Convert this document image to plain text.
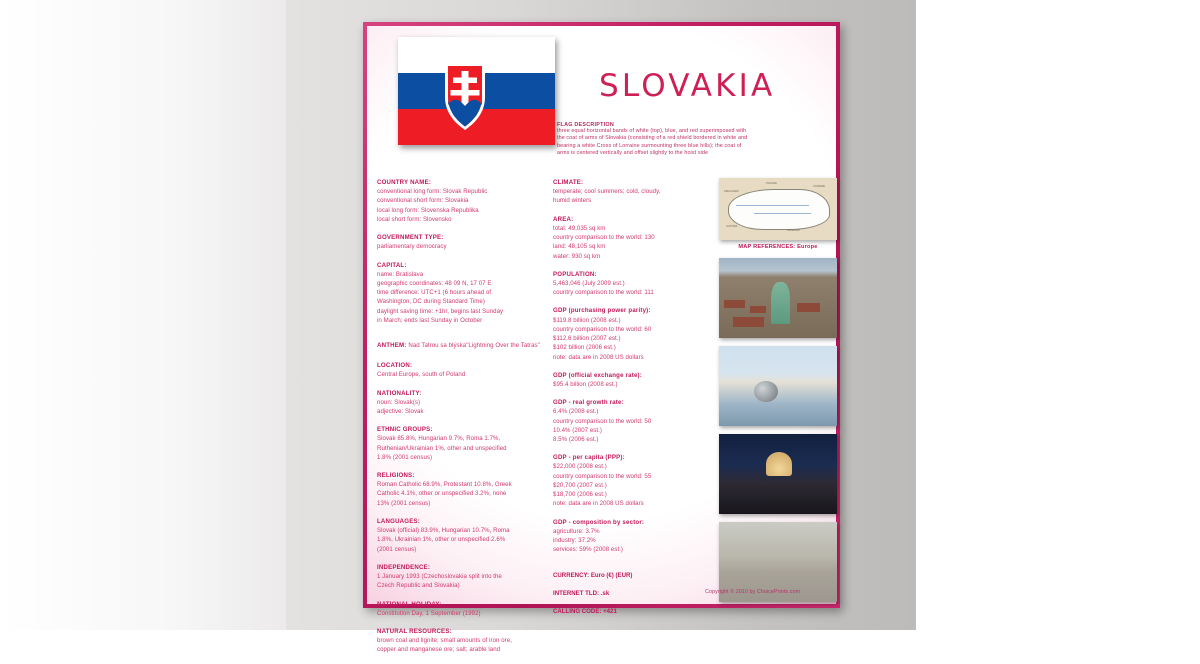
SLOVAKIA
FLAG DESCRIPTION
three equal horizontal bands of white (top), blue, and red superimposed with
the coat of arms of Slovakia (consisting of a red shield bordered in white and
bearing a white Cross of Lorraine surmounting three blue hills); the coat of
arms is centered vertically and offset slightly to the hoist side
COUNTRY NAME:
conventional long form: Slovak Republic
conventional short form: Slovakia
local long form: Slovenska Republika
local short form: Slovensko
GOVERNMENT TYPE:
parliamentary democracy
CAPITAL:
name: Bratislava
geographic coordinates: 48 09 N, 17 07 E
time difference: UTC+1 (6 hours ahead of
Washington, DC during Standard Time)
daylight saving time: +1hr, begins last Sunday
in March; ends last Sunday in October
ANTHEM: Nad Tatrou sa blýska"Lightning Over the Tatras"
LOCATION:
Central Europe, south of Poland
NATIONALITY:
noun: Slovak(s)
adjective: Slovak
ETHNIC GROUPS:
Slovak 85.8%, Hungarian 9.7%, Roma 1.7%,
Ruthenian/Ukrainian 1%, other and unspecified
1.8% (2001 census)
RELIGIONS:
Roman Catholic 68.9%, Protestant 10.8%, Greek
Catholic 4.1%, other or unspecified 3.2%, none
13% (2001 census)
LANGUAGES:
Slovak (official) 83.9%, Hungarian 10.7%, Roma
1.8%, Ukrainian 1%, other or unspecified 2.6%
(2001 census)
INDEPENDENCE:
1 January 1993 (Czechoslovakia split into the
Czech Republic and Slovakia)
NATIONAL HOLIDAY:
Constitution Day, 1 September (1992)
NATURAL RESOURCES:
brown coal and lignite; small amounts of iron ore,
copper and manganese ore; salt; arable land
CLIMATE:
temperate; cool summers; cold, cloudy,
humid winters
AREA:
total: 49,035 sq km
country comparison to the world: 130
land: 48,105 sq km
water: 930 sq km
POPULATION:
5,463,046 (July 2009 est.)
country comparison to the world: 111
GDP (purchasing power parity):
$119.8 billion (2008 est.)
country comparison to the world: 60
$112.6 billion (2007 est.)
$102 billion (2006 est.)
note: data are in 2008 US dollars
GDP (official exchange rate):
$95.4 billion (2008 est.)
GDP - real growth rate:
6.4% (2008 est.)
country comparison to the world: 50
10.4% (2007 est.)
8.5% (2006 est.)
GDP - per capita (PPP):
$22,000 (2008 est.)
country comparison to the world: 55
$20,700 (2007 est.)
$18,700 (2006 est.)
note: data are in 2008 US dollars
GDP - composition by sector:
agriculture: 3.7%
industry: 37.2%
services: 59% (2008 est.)
CURRENCY: Euro (€) (EUR)
INTERNET TLD: .sk
CALLING CODE: +421
POLAND
CZECH REP.
UKRAINE
AUSTRIA
HUNGARY
MAP REFERENCES: Europe
Copyright © 2010 by ChoicePrints.com
